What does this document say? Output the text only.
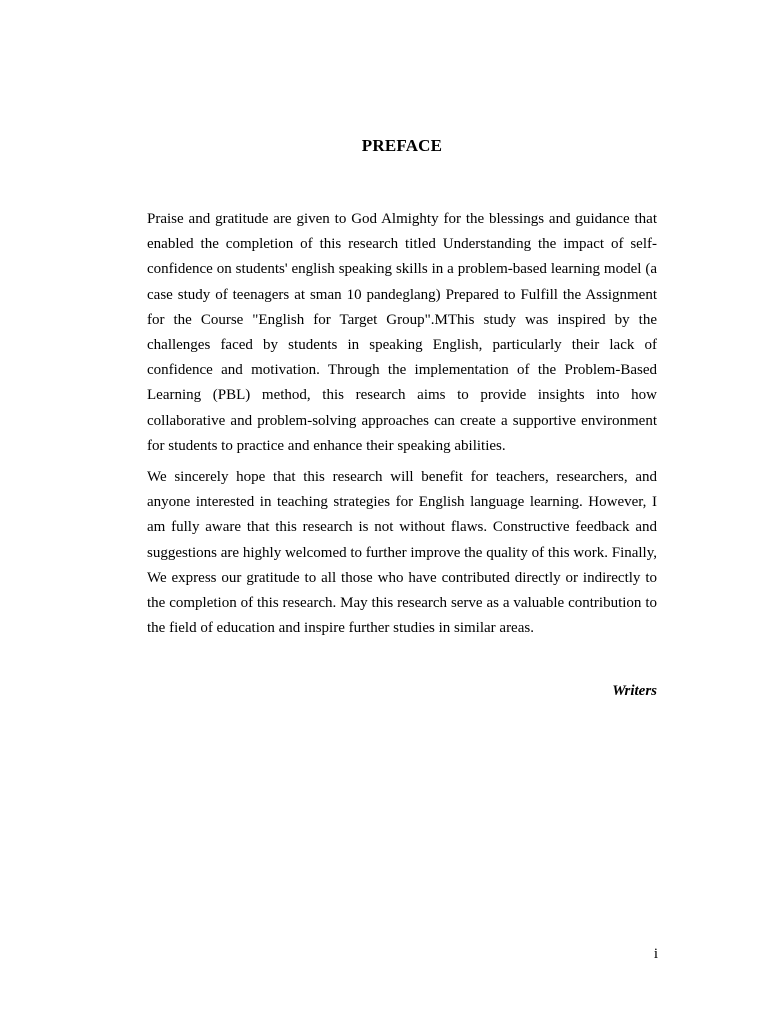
PREFACE

Praise and gratitude are given to God Almighty for the blessings and guidance that enabled the completion of this research titled Understanding the impact of self-confidence on students' english speaking skills in a problem-based learning model (a case study of teenagers at sman 10 pandeglang) Prepared to Fulfill the Assignment for the Course "English for Target Group".MThis study was inspired by the challenges faced by students in speaking English, particularly their lack of confidence and motivation. Through the implementation of the Problem-Based Learning (PBL) method, this research aims to provide insights into how collaborative and problem-solving approaches can create a supportive environment for students to practice and enhance their speaking abilities.

We sincerely hope that this research will benefit for teachers, researchers, and anyone interested in teaching strategies for English language learning. However, I am fully aware that this research is not without flaws. Constructive feedback and suggestions are highly welcomed to further improve the quality of this work. Finally, We express our gratitude to all those who have contributed directly or indirectly to the completion of this research. May this research serve as a valuable contribution to the field of education and inspire further studies in similar areas.

Writers

i
